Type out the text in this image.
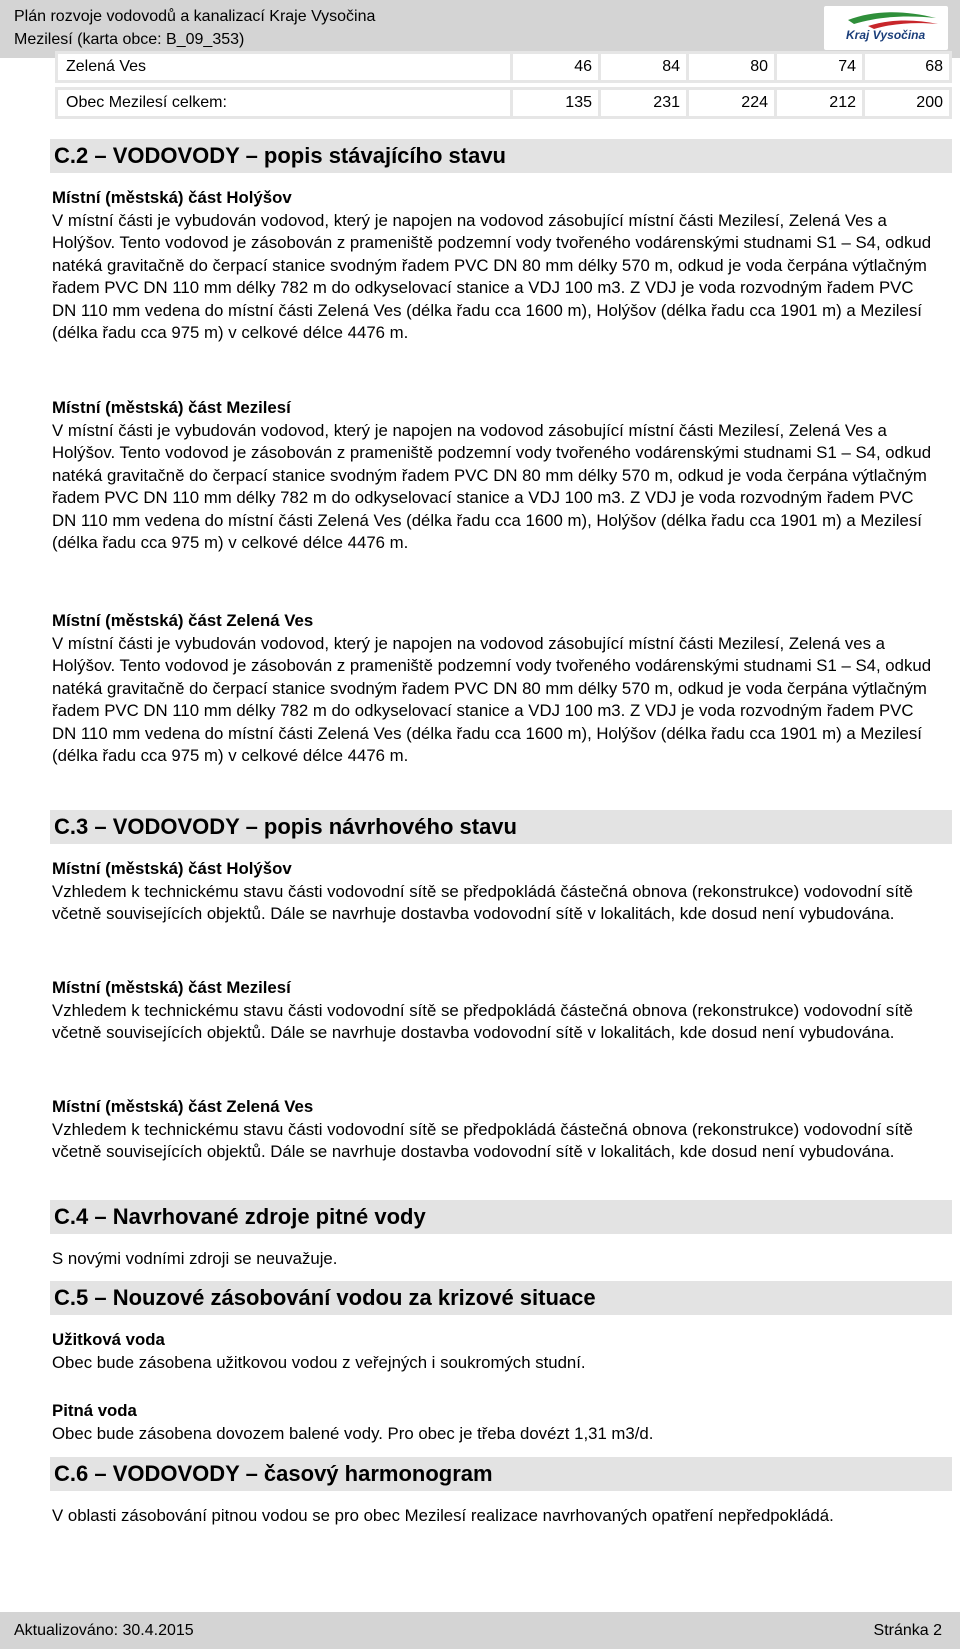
Plán rozvoje vodovodů a kanalizací Kraje Vysočina
Mezilesí (karta obce: B_09_353)	Kraj Vysočina
Zelená Ves	46	84	80	74	68
Obec Mezilesí celkem:	135	231	224	212	200
C.2 – VODOVODY – popis stávajícího stavu
Místní (městská) část Holýšov
V místní části je vybudován vodovod, který je napojen na vodovod zásobující místní části Mezilesí, Zelená Ves a Holýšov. Tento vodovod je zásobován z prameniště podzemní vody tvořeného vodárenskými studnami S1 – S4, odkud natéká gravitačně do čerpací stanice svodným řadem PVC DN 80 mm délky 570 m, odkud je voda čerpána výtlačným řadem PVC DN 110 mm délky 782 m do odkyselovací stanice a VDJ 100 m3. Z VDJ je voda rozvodným řadem PVC DN 110 mm vedena do místní části Zelená Ves (délka řadu cca 1600 m), Holýšov (délka řadu cca 1901 m) a Mezilesí (délka řadu cca 975 m) v celkové délce 4476 m.
Místní (městská) část Mezilesí
V místní části je vybudován vodovod, který je napojen na vodovod zásobující místní části Mezilesí, Zelená Ves a Holýšov. Tento vodovod je zásobován z prameniště podzemní vody tvořeného vodárenskými studnami S1 – S4, odkud natéká gravitačně do čerpací stanice svodným řadem PVC DN 80 mm délky 570 m, odkud je voda čerpána výtlačným řadem PVC DN 110 mm délky 782 m do odkyselovací stanice a VDJ 100 m3. Z VDJ je voda rozvodným řadem PVC DN 110 mm vedena do místní části Zelená Ves (délka řadu cca 1600 m), Holýšov (délka řadu cca 1901 m) a Mezilesí (délka řadu cca 975 m) v celkové délce 4476 m.
Místní (městská) část Zelená Ves
V místní části je vybudován vodovod, který je napojen na vodovod zásobující místní části Mezilesí, Zelená ves a Holýšov. Tento vodovod je zásobován z prameniště podzemní vody tvořeného vodárenskými studnami S1 – S4, odkud natéká gravitačně do čerpací stanice svodným řadem PVC DN 80 mm délky 570 m, odkud je voda čerpána výtlačným řadem PVC DN 110 mm délky 782 m do odkyselovací stanice a VDJ 100 m3. Z VDJ je voda rozvodným řadem PVC DN 110 mm vedena do místní části Zelená Ves (délka řadu cca 1600 m), Holýšov (délka řadu cca 1901 m) a Mezilesí (délka řadu cca 975 m) v celkové délce 4476 m.
C.3 – VODOVODY – popis návrhového stavu
Místní (městská) část Holýšov
Vzhledem k technickému stavu části vodovodní sítě se předpokládá částečná obnova (rekonstrukce) vodovodní sítě včetně souvisejících objektů. Dále se navrhuje dostavba vodovodní sítě v lokalitách, kde dosud není vybudována.
Místní (městská) část Mezilesí
Vzhledem k technickému stavu části vodovodní sítě se předpokládá částečná obnova (rekonstrukce) vodovodní sítě včetně souvisejících objektů. Dále se navrhuje dostavba vodovodní sítě v lokalitách, kde dosud není vybudována.
Místní (městská) část Zelená Ves
Vzhledem k technickému stavu části vodovodní sítě se předpokládá částečná obnova (rekonstrukce) vodovodní sítě včetně souvisejících objektů. Dále se navrhuje dostavba vodovodní sítě v lokalitách, kde dosud není vybudována.
C.4 – Navrhované zdroje pitné vody
S novými vodními zdroji se neuvažuje.
C.5 – Nouzové zásobování vodou za krizové situace
Užitková voda
Obec bude zásobena užitkovou vodou z veřejných i soukromých studní.
Pitná voda
Obec bude zásobena dovozem balené vody. Pro obec je třeba dovézt 1,31 m3/d.
C.6 – VODOVODY – časový harmonogram
V oblasti zásobování pitnou vodou se pro obec Mezilesí realizace navrhovaných opatření nepředpokládá.
Aktualizováno: 30.4.2015	Stránka 2
